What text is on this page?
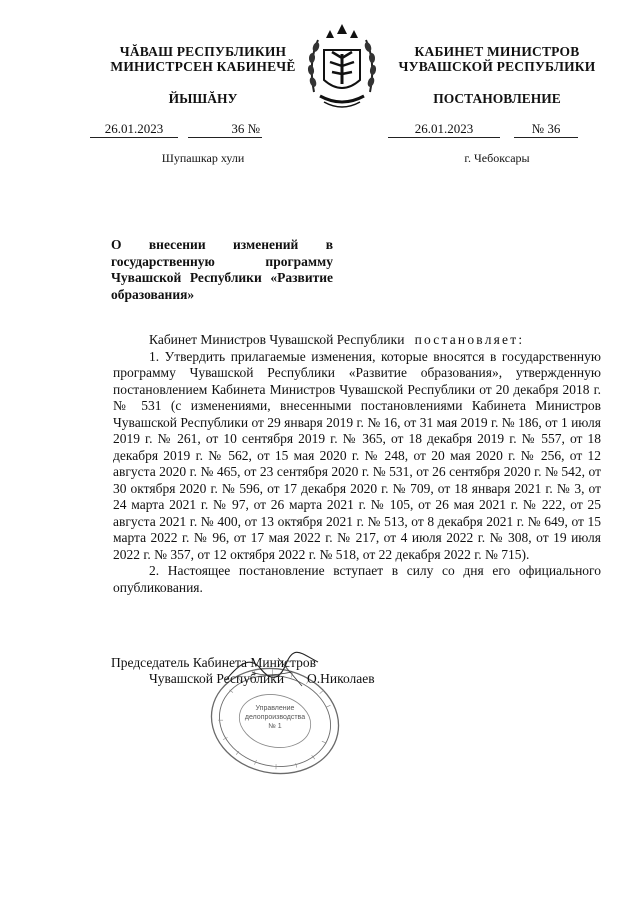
ЧĂВАШ РЕСПУБЛИКИН
МИНИСТРСЕН КАБИНЕЧĚ
ЙЫШĂНУ
КАБИНЕТ МИНИСТРОВ
ЧУВАШСКОЙ РЕСПУБЛИКИ
ПОСТАНОВЛЕНИЕ
26.01.2023	36 №
Шупашкар хули
26.01.2023	№ 36
г. Чебоксары
О внесении изменений в государственную программу Чувашской Республики «Развитие образования»
Кабинет Министров Чувашской Республики постановляет:
1. Утвердить прилагаемые изменения, которые вносятся в государственную программу Чувашской Республики «Развитие образования», утвержденную постановлением Кабинета Министров Чувашской Республики от 20 декабря 2018 г. № 531 (с изменениями, внесенными постановлениями Кабинета Министров Чувашской Республики от 29 января 2019 г. № 16, от 31 мая 2019 г. № 186, от 1 июля 2019 г. № 261, от 10 сентября 2019 г. № 365, от 18 декабря 2019 г. № 557, от 18 декабря 2019 г. № 562, от 15 мая 2020 г. № 248, от 20 мая 2020 г. № 256, от 12 августа 2020 г. № 465, от 23 сентября 2020 г. № 531, от 26 сентября 2020 г. № 542, от 30 октября 2020 г. № 596, от 17 декабря 2020 г. № 709, от 18 января 2021 г. № 3, от 24 марта 2021 г. № 97, от 26 марта 2021 г. № 105, от 26 мая 2021 г. № 222, от 25 августа 2021 г. № 400, от 13 октября 2021 г. № 513, от 8 декабря 2021 г. № 649, от 15 марта 2022 г. № 96, от 17 мая 2022 г. № 217, от 4 июля 2022 г. № 308, от 19 июля 2022 г. № 357, от 12 октября 2022 г. № 518, от 22 декабря 2022 г. № 715).
2. Настоящее постановление вступает в силу со дня его официального опубликования.
Управление
делопроизводства
№ 1
Председатель Кабинета Министров
Чувашской Республики О.Николаев
